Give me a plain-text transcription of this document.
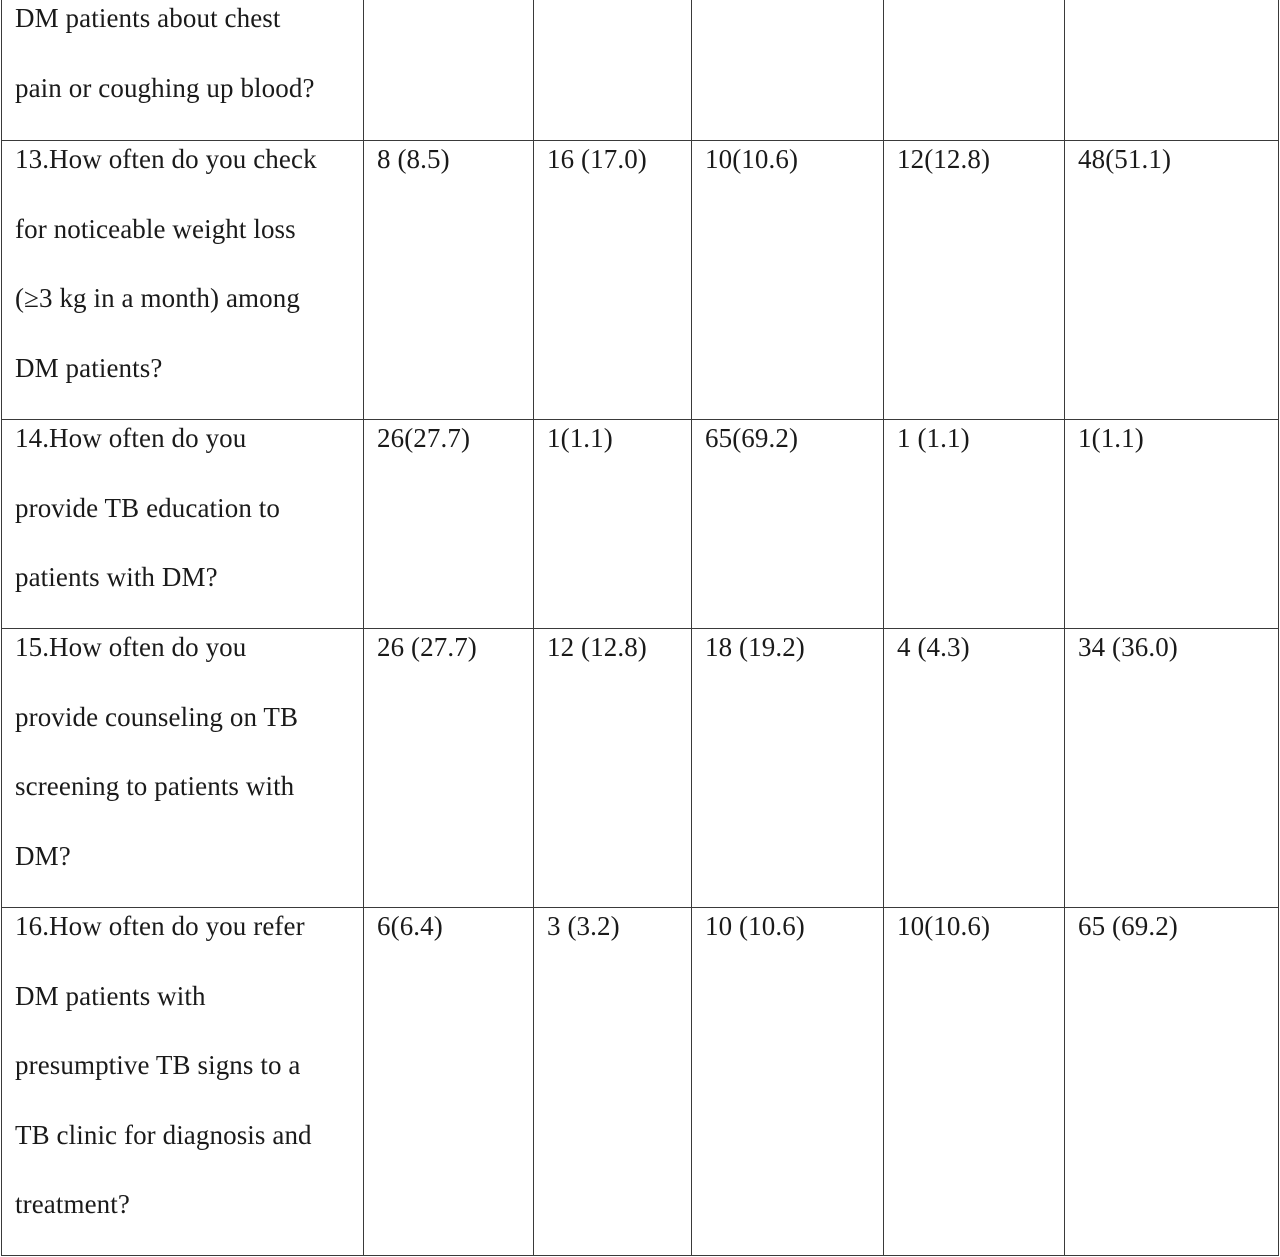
DM patients about chest
pain or coughing up blood?					

13.How often do you check
for noticeable weight loss
(≥3 kg in a month) among
DM patients?	8 (8.5)	16 (17.0)	10(10.6)	12(12.8)	48(51.1)

14.How often do you
provide TB education to
patients with DM?	26(27.7)	1(1.1)	65(69.2)	1 (1.1)	1(1.1)

15.How often do you
provide counseling on TB
screening to patients with
DM?	26 (27.7)	12 (12.8)	18 (19.2)	4 (4.3)	34 (36.0)

16.How often do you refer
DM patients with
presumptive TB signs to a
TB clinic for diagnosis and
treatment?	6(6.4)	3 (3.2)	10 (10.6)	10(10.6)	65 (69.2)
